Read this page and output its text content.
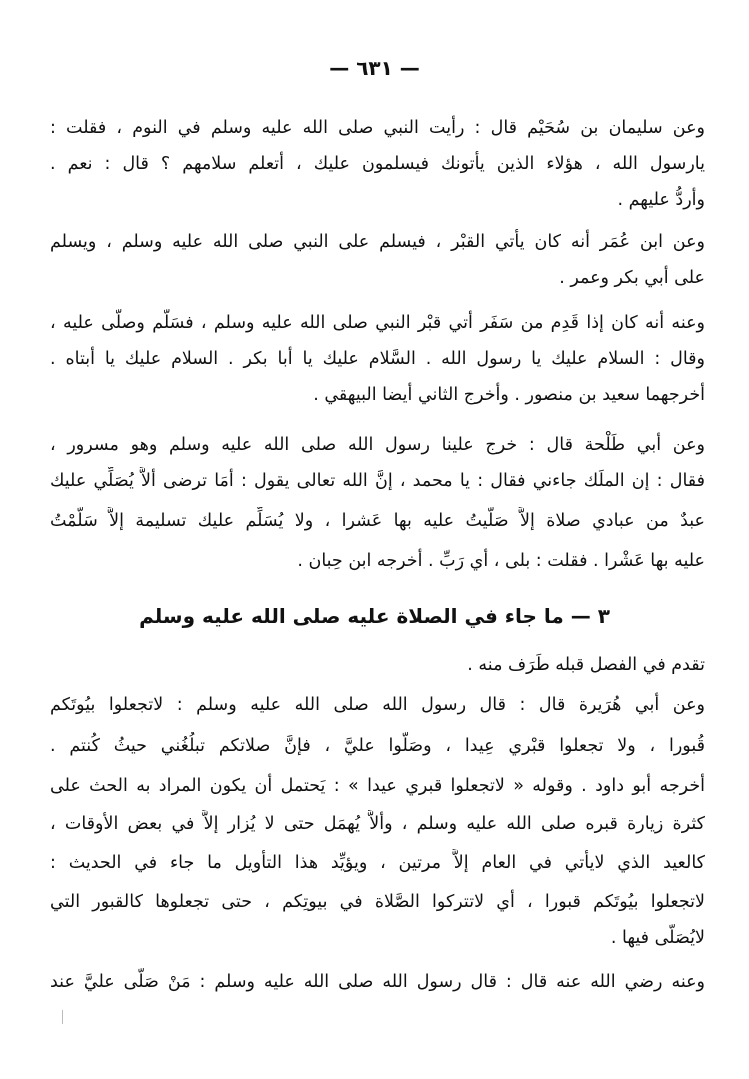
— ٦٣١ —
وعن سليمان بن سُحَيْم قال : رأيت النبي صلى الله عليه وسلم في النوم ، فقلت :
يارسول الله ، هؤلاء الذين يأتونك فيسلمون عليك ، أتعلم سلامهم ؟ قال : نعم .
وأردُّ عليهم .
وعن ابن عُمَر أنه كان يأتي القبْر ، فيسلم على النبي صلى الله عليه وسلم ، ويسلم
على أبي بكر وعمر .
وعنه أنه كان إذا قَدِم من سَفَر أتي قبْر النبي صلى الله عليه وسلم ، فسَلَّم وصلَّى عليه ،
وقال : السلام عليك يا رسول الله . السَّلام عليك يا أبا بكر . السلام عليك يا أبتاه .
أخرجهما سعيد بن منصور . وأخرج الثاني أيضا البيهقي .
وعن أبي طَلْحة قال : خرج علينا رسول الله صلى الله عليه وسلم وهو مسرور ،
فقال : إن الملَك جاءني فقال : يا محمد ، إنَّ الله تعالى يقول : أمَا ترضى ألاَّ يُصَلِّي عليك
عبدٌ من عبادي صلاة إلاَّ صَلَّيتُ عليه بها عَشرا ، ولا يُسَلِّم عليك تسليمة إلاَّ سَلَّمْتُ
عليه بها عَشْرا . فقلت : بلى ، أي رَبِّ . أخرجه ابن حِبان .
٣ — ما جاء في الصلاة عليه صلى الله عليه وسلم
تقدم في الفصل قبله طَرَف منه .
وعن أبي هُرَيرة قال : قال رسول الله صلى الله عليه وسلم : لاتجعلوا بيُوتَكم
قُبورا ، ولا تجعلوا قبْري عِيدا ، وصَلُّوا عليَّ ، فإنَّ صلاتكم تبلُغُني حيثُ كُنتم .
أخرجه أبو داود . وقوله « لاتجعلوا قبري عيدا » : يَحتمل أن يكون المراد به الحث على
كثرة زيارة قبره صلى الله عليه وسلم ، وألاَّ يُهمَل حتى لا يُزار إلاَّ في بعض الأوقات ،
كالعيد الذي لايأتي في العام إلاَّ مرتين ، ويؤيِّد هذا التأويل ما جاء في الحديث :
لاتجعلوا بيُوتَكم قبورا ، أي لاتتركوا الصَّلاة في بيوتِكم ، حتى تجعلوها كالقبور التي
لايُصَلَّى فيها .
وعنه رضي الله عنه قال : قال رسول الله صلى الله عليه وسلم : مَنْ صَلَّى عليَّ عند
